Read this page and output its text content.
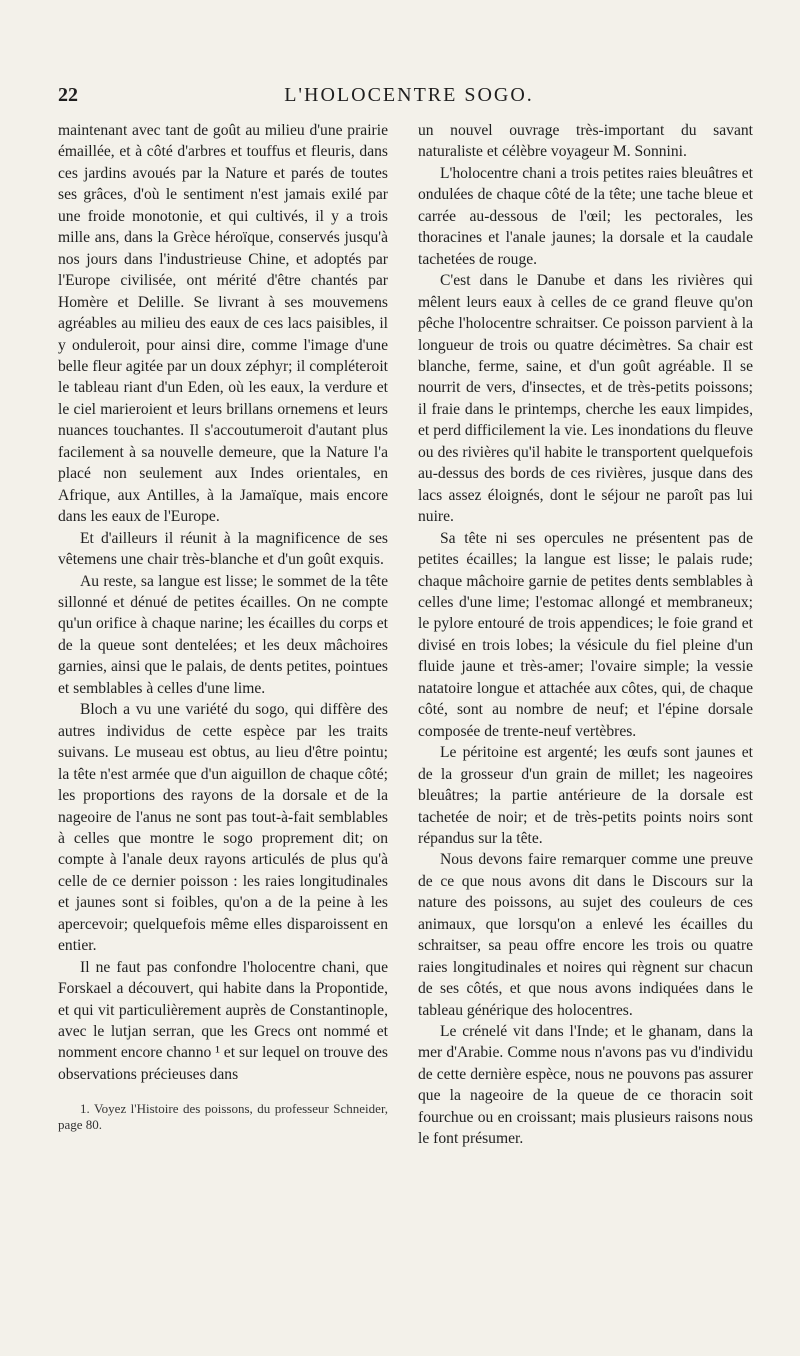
22	L'HOLOCENTRE SOGO.

maintenant avec tant de goût au milieu d'une prairie émaillée, et à côté d'arbres et touffus et fleuris, dans ces jardins avoués par la Nature et parés de toutes ses grâces, d'où le sentiment n'est jamais exilé par une froide monotonie, et qui cultivés, il y a trois mille ans, dans la Grèce héroïque, conservés jusqu'à nos jours dans l'industrieuse Chine, et adoptés par l'Europe civilisée, ont mérité d'être chantés par Homère et Delille. Se livrant à ses mouvemens agréables au milieu des eaux de ces lacs paisibles, il y onduleroit, pour ainsi dire, comme l'image d'une belle fleur agitée par un doux zéphyr; il compléteroit le tableau riant d'un Eden, où les eaux, la verdure et le ciel marieroient et leurs brillans ornemens et leurs nuances touchantes. Il s'accoutumeroit d'autant plus facilement à sa nouvelle demeure, que la Nature l'a placé non seulement aux Indes orientales, en Afrique, aux Antilles, à la Jamaïque, mais encore dans les eaux de l'Europe.

Et d'ailleurs il réunit à la magnificence de ses vêtemens une chair très-blanche et d'un goût exquis.

Au reste, sa langue est lisse; le sommet de la tête sillonné et dénué de petites écailles. On ne compte qu'un orifice à chaque narine; les écailles du corps et de la queue sont dentelées; et les deux mâchoires garnies, ainsi que le palais, de dents petites, pointues et semblables à celles d'une lime.

Bloch a vu une variété du sogo, qui diffère des autres individus de cette espèce par les traits suivans. Le museau est obtus, au lieu d'être pointu; la tête n'est armée que d'un aiguillon de chaque côté; les proportions des rayons de la dorsale et de la nageoire de l'anus ne sont pas tout-à-fait semblables à celles que montre le sogo proprement dit; on compte à l'anale deux rayons articulés de plus qu'à celle de ce dernier poisson : les raies longitudinales et jaunes sont si foibles, qu'on a de la peine à les apercevoir; quelquefois même elles disparoissent en entier.

Il ne faut pas confondre l'holocentre chani, que Forskael a découvert, qui habite dans la Propontide, et qui vit particulièrement auprès de Constantinople, avec le lutjan serran, que les Grecs ont nommé et nomment encore channo ¹ et sur lequel on trouve des observations précieuses dans

1. Voyez l'Histoire des poissons, du professeur Schneider, page 80.

un nouvel ouvrage très-important du savant naturaliste et célèbre voyageur M. Sonnini.

L'holocentre chani a trois petites raies bleuâtres et ondulées de chaque côté de la tête; une tache bleue et carrée au-dessous de l'œil; les pectorales, les thoracines et l'anale jaunes; la dorsale et la caudale tachetées de rouge.

C'est dans le Danube et dans les rivières qui mêlent leurs eaux à celles de ce grand fleuve qu'on pêche l'holocentre schraitser. Ce poisson parvient à la longueur de trois ou quatre décimètres. Sa chair est blanche, ferme, saine, et d'un goût agréable. Il se nourrit de vers, d'insectes, et de très-petits poissons; il fraie dans le printemps, cherche les eaux limpides, et perd difficilement la vie. Les inondations du fleuve ou des rivières qu'il habite le transportent quelquefois au-dessus des bords de ces rivières, jusque dans des lacs assez éloignés, dont le séjour ne paroît pas lui nuire.

Sa tête ni ses opercules ne présentent pas de petites écailles; la langue est lisse; le palais rude; chaque mâchoire garnie de petites dents semblables à celles d'une lime; l'estomac allongé et membraneux; le pylore entouré de trois appendices; le foie grand et divisé en trois lobes; la vésicule du fiel pleine d'un fluide jaune et très-amer; l'ovaire simple; la vessie natatoire longue et attachée aux côtes, qui, de chaque côté, sont au nombre de neuf; et l'épine dorsale composée de trente-neuf vertèbres.

Le péritoine est argenté; les œufs sont jaunes et de la grosseur d'un grain de millet; les nageoires bleuâtres; la partie antérieure de la dorsale est tachetée de noir; et de très-petits points noirs sont répandus sur la tête.

Nous devons faire remarquer comme une preuve de ce que nous avons dit dans le Discours sur la nature des poissons, au sujet des couleurs de ces animaux, que lorsqu'on a enlevé les écailles du schraitser, sa peau offre encore les trois ou quatre raies longitudinales et noires qui règnent sur chacun de ses côtés, et que nous avons indiquées dans le tableau générique des holocentres.

Le crénelé vit dans l'Inde; et le ghanam, dans la mer d'Arabie. Comme nous n'avons pas vu d'individu de cette dernière espèce, nous ne pouvons pas assurer que la nageoire de la queue de ce thoracin soit fourchue ou en croissant; mais plusieurs raisons nous le font présumer.
